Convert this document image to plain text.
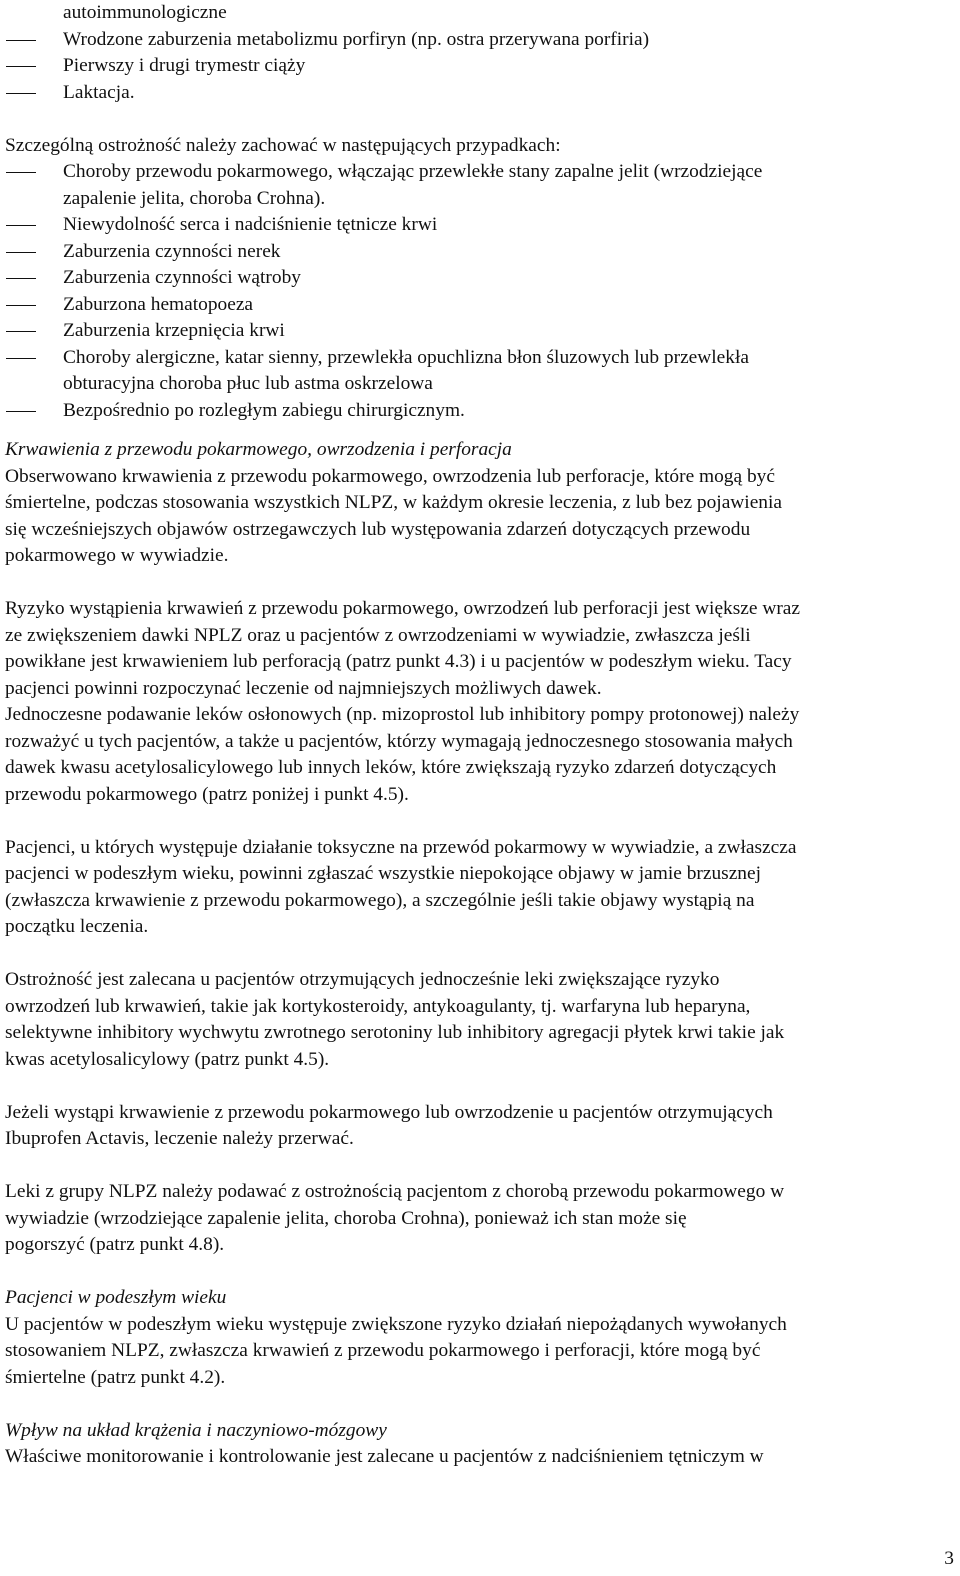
autoimmunologiczne
Wrodzone zaburzenia metabolizmu porfiryn (np. ostra przerywana porfiria)
Pierwszy i drugi trymestr ciąży
Laktacja.

Szczególną ostrożność należy zachować w następujących przypadkach:

Choroby przewodu pokarmowego, włączając przewlekłe stany zapalne jelit (wrzodziejące
zapalenie jelita, choroba Crohna).
Niewydolność serca i nadciśnienie tętnicze krwi
Zaburzenia czynności nerek
Zaburzenia czynności wątroby
Zaburzona hematopoeza
Zaburzenia krzepnięcia krwi
Choroby alergiczne, katar sienny, przewlekła opuchlizna błon śluzowych lub przewlekła
obturacyjna choroba płuc lub astma oskrzelowa
Bezpośrednio po rozległym zabiegu chirurgicznym.

Krwawienia z przewodu pokarmowego, owrzodzenia i perforacja

Obserwowano krwawienia z przewodu pokarmowego, owrzodzenia lub perforacje, które mogą być
śmiertelne, podczas stosowania wszystkich NLPZ, w każdym okresie leczenia, z lub bez pojawienia
się wcześniejszych objawów ostrzegawczych lub występowania zdarzeń dotyczących przewodu
pokarmowego w wywiadzie.
Ryzyko wystąpienia krwawień z przewodu pokarmowego, owrzodzeń lub perforacji jest większe wraz
ze zwiększeniem dawki NPLZ oraz u pacjentów z owrzodzeniami w wywiadzie, zwłaszcza jeśli
powikłane jest krwawieniem lub perforacją (patrz punkt 4.3) i u pacjentów w podeszłym wieku. Tacy
pacjenci powinni rozpoczynać leczenie od najmniejszych możliwych dawek.
Jednoczesne podawanie leków osłonowych (np. mizoprostol lub inhibitory pompy protonowej) należy
rozważyć u tych pacjentów, a także u pacjentów, którzy wymagają jednoczesnego stosowania małych
dawek kwasu acetylosalicylowego lub innych leków, które zwiększają ryzyko zdarzeń dotyczących
przewodu pokarmowego (patrz poniżej i punkt 4.5).
Pacjenci, u których występuje działanie toksyczne na przewód pokarmowy w wywiadzie, a zwłaszcza
pacjenci w podeszłym wieku, powinni zgłaszać wszystkie niepokojące objawy w jamie brzusznej
(zwłaszcza krwawienie z przewodu pokarmowego), a szczególnie jeśli takie objawy wystąpią na
początku leczenia.
Ostrożność jest zalecana u pacjentów otrzymujących jednocześnie leki zwiększające ryzyko
owrzodzeń lub krwawień, takie jak kortykosteroidy, antykoagulanty, tj. warfaryna lub heparyna,
selektywne inhibitory wychwytu zwrotnego serotoniny lub inhibitory agregacji płytek krwi takie jak
kwas acetylosalicylowy (patrz punkt 4.5).
Jeżeli wystąpi krwawienie z przewodu pokarmowego lub owrzodzenie u pacjentów otrzymujących
Ibuprofen Actavis, leczenie należy przerwać.
Leki z grupy NLPZ należy podawać z ostrożnością pacjentom z chorobą przewodu pokarmowego w
wywiadzie (wrzodziejące zapalenie jelita, choroba Crohna), ponieważ ich stan może się
pogorszyć (patrz punkt 4.8).

Pacjenci w podeszłym wieku

U pacjentów w podeszłym wieku występuje zwiększone ryzyko działań niepożądanych wywołanych
stosowaniem NLPZ, zwłaszcza krwawień z przewodu pokarmowego i perforacji, które mogą być
śmiertelne (patrz punkt 4.2).

Wpływ na układ krążenia i naczyniowo-mózgowy

Właściwe monitorowanie i kontrolowanie jest zalecane u pacjentów z nadciśnieniem tętniczym w
3
